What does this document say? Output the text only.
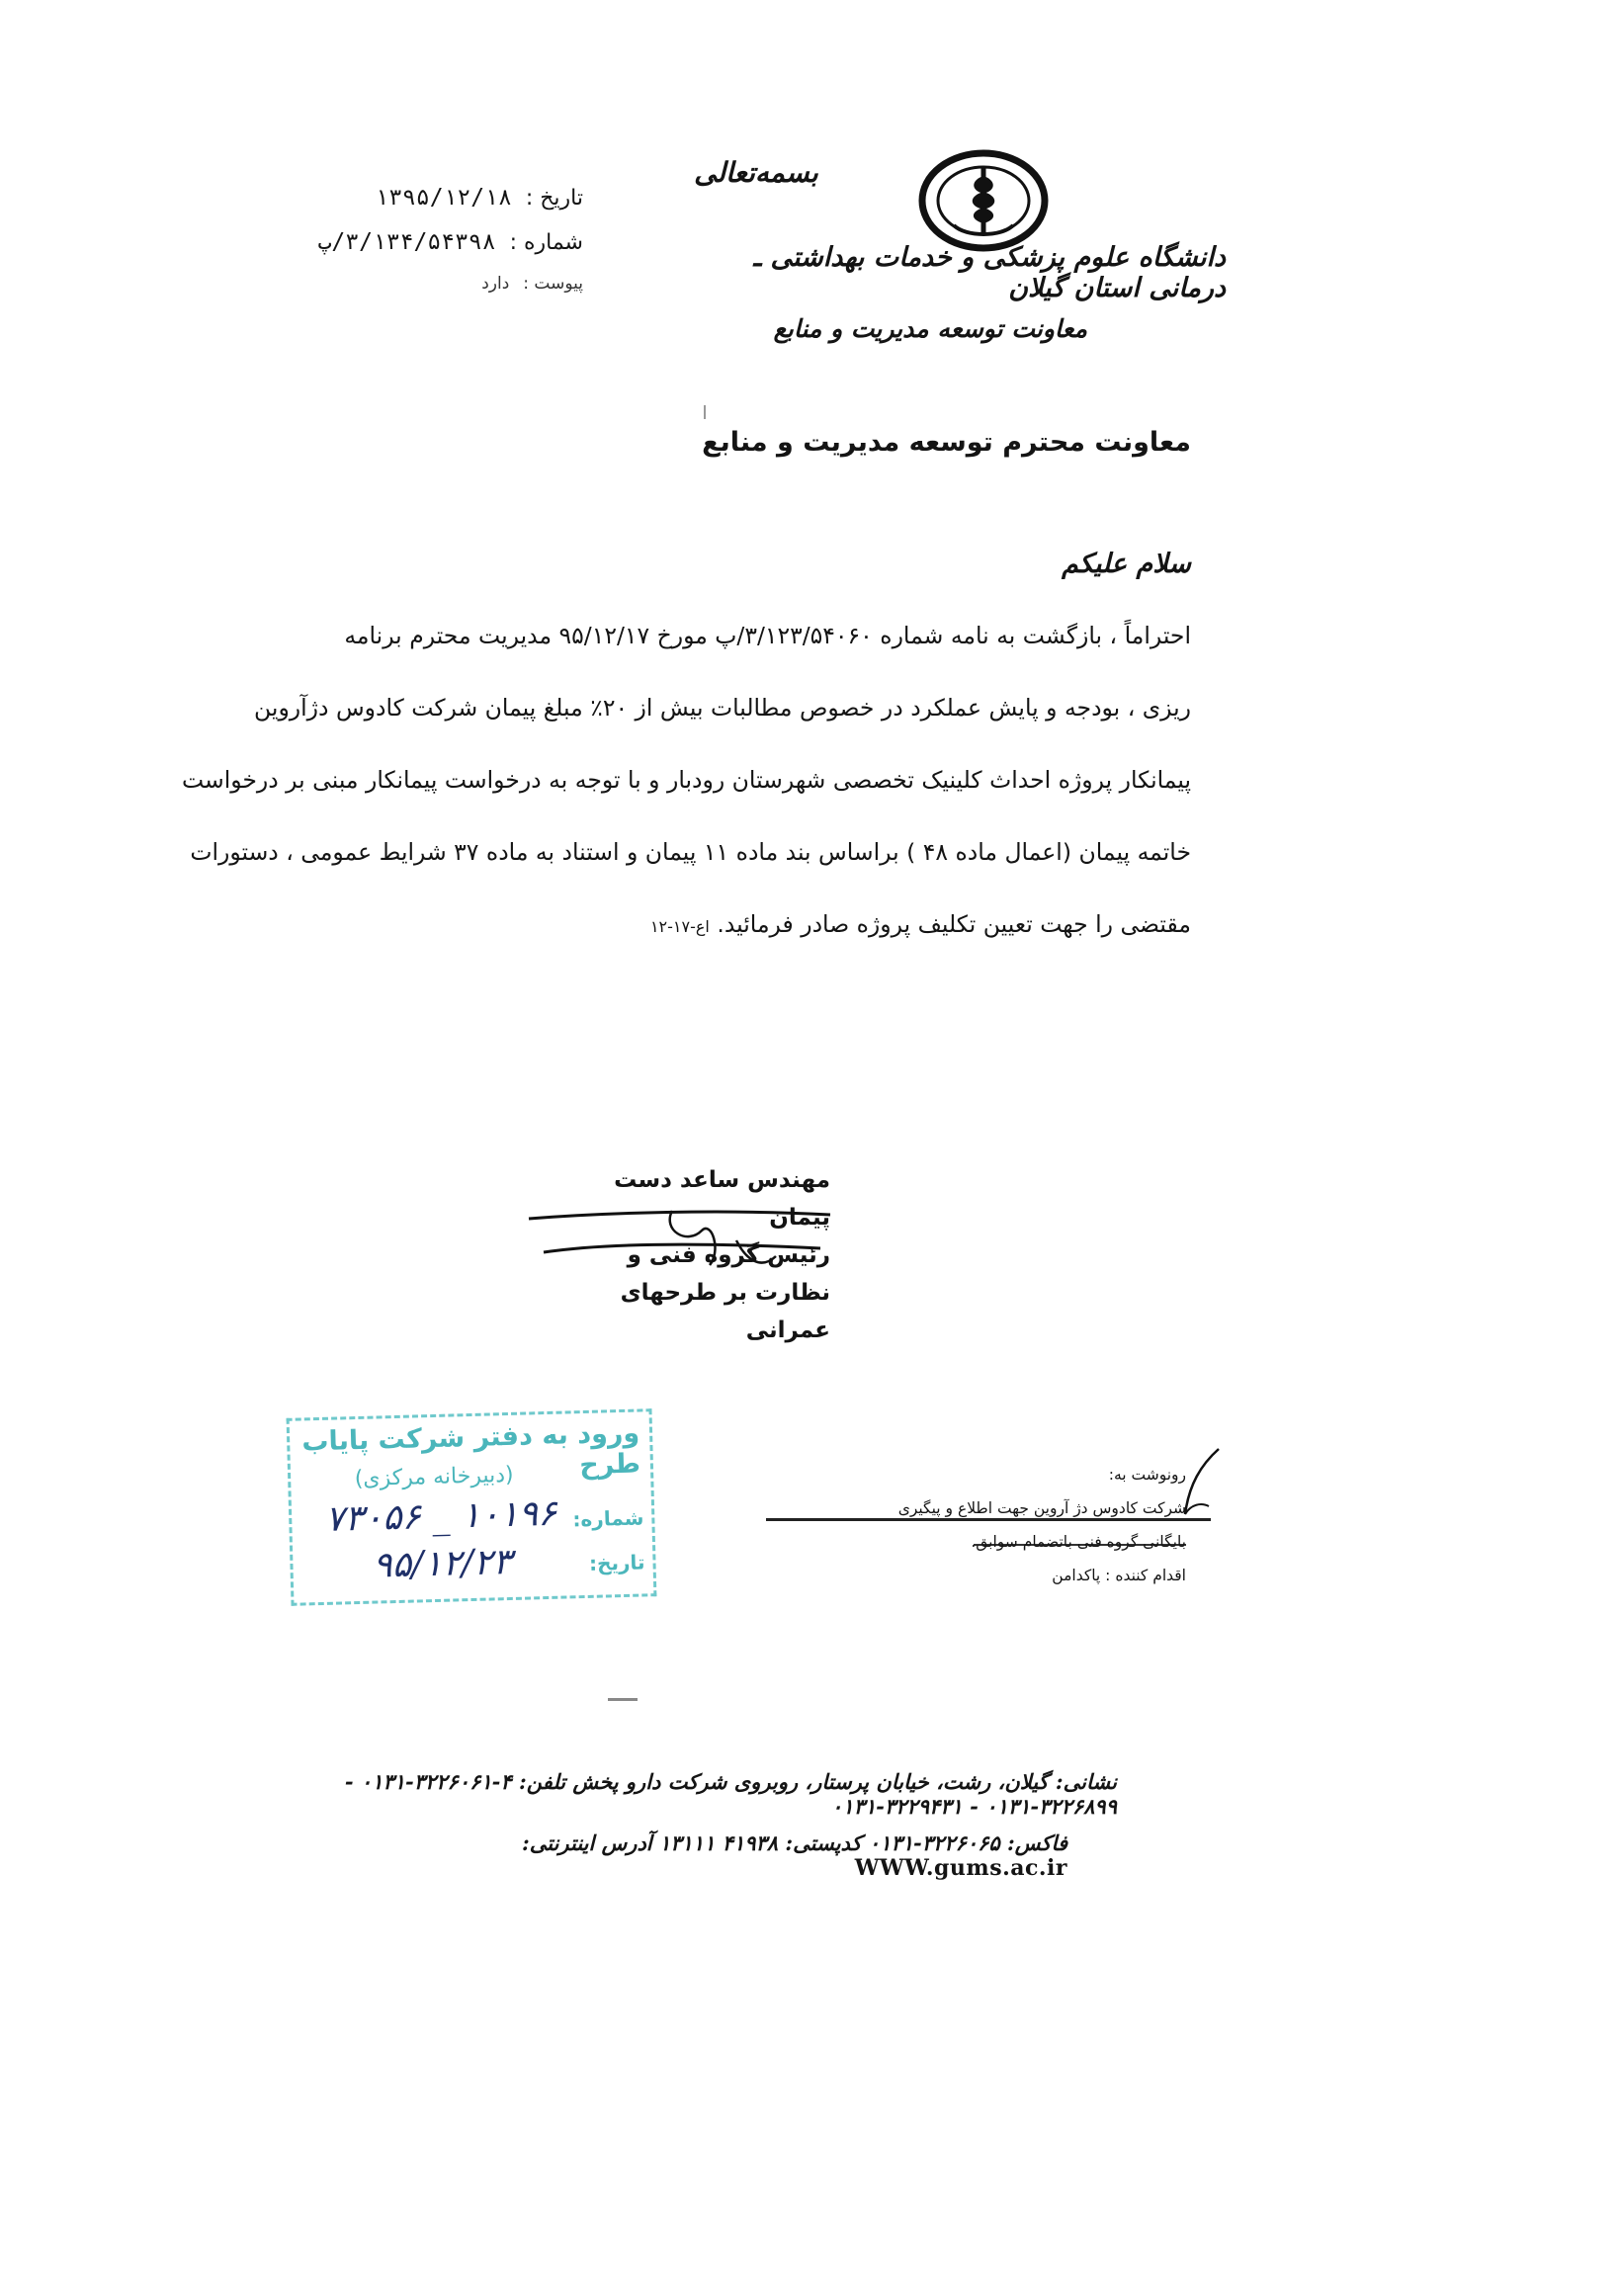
بسمه‌تعالی
دانشگاه علوم پزشکی و خدمات بهداشتی ـ درمانی استان گیلان
معاونت توسعه مدیریت و منابع
تاریخ :
۱۳۹۵/۱۲/۱۸
شماره :
۳/۱۳۴/۵۴۳۹۸/پ
پیوست :
دارد
معاونت محترم توسعه مدیریت و منابع
سلام علیکم
احتراماً ، بازگشت به نامه شماره ۳/۱۲۳/۵۴۰۶۰/پ مورخ ۹۵/۱۲/۱۷ مدیریت محترم برنامه
ریزی ، بودجه و پایش عملکرد در خصوص مطالبات بیش از ۲۰٪ مبلغ پیمان شرکت کادوس دژآروین
پیمانکار پروژه احداث کلینیک تخصصی شهرستان رودبار و با توجه به درخواست پیمانکار مبنی بر درخواست
خاتمه پیمان (اعمال ماده ۴۸ ) براساس بند ماده ۱۱ پیمان و استناد به ماده ۳۷ شرایط عمومی ، دستورات
مقتضی را جهت تعیین تکلیف پروژه صادر فرمائید. ا‌ع-۱۷-۱۲
مهندس ساعد دست پیمان
رئیس گروه فنی و
نظارت بر طرحهای عمرانی
ورود به دفتر شرکت پایاب طرح
(دبیرخانه مرکزی)
شماره:
۱۰۱۹۶ _ ۷۳۰۵۶
تاریخ:
۹۵/۱۲/۲۳
رونوشت به:
شرکت کادوس دژ آروین جهت اطلاع و پیگیری
بایگانی گروه فنی باتضمام سوابق.
اقدام کننده : پاکدامن
نشانی: گیلان، رشت، خیابان پرستار، روبروی شرکت دارو پخش تلفن: ۴-۳۲۲۶۰۶۱-۰۱۳۱ - ۳۲۲۶۸۹۹-۰۱۳۱ - ۳۲۲۹۴۳۱-۰۱۳۱
فاکس: ۳۲۲۶۰۶۵-۰۱۳۱ کدپستی: ۴۱۹۳۸ ۱۳۱۱۱ آدرس اینترنتی: WWW.gums.ac.ir
